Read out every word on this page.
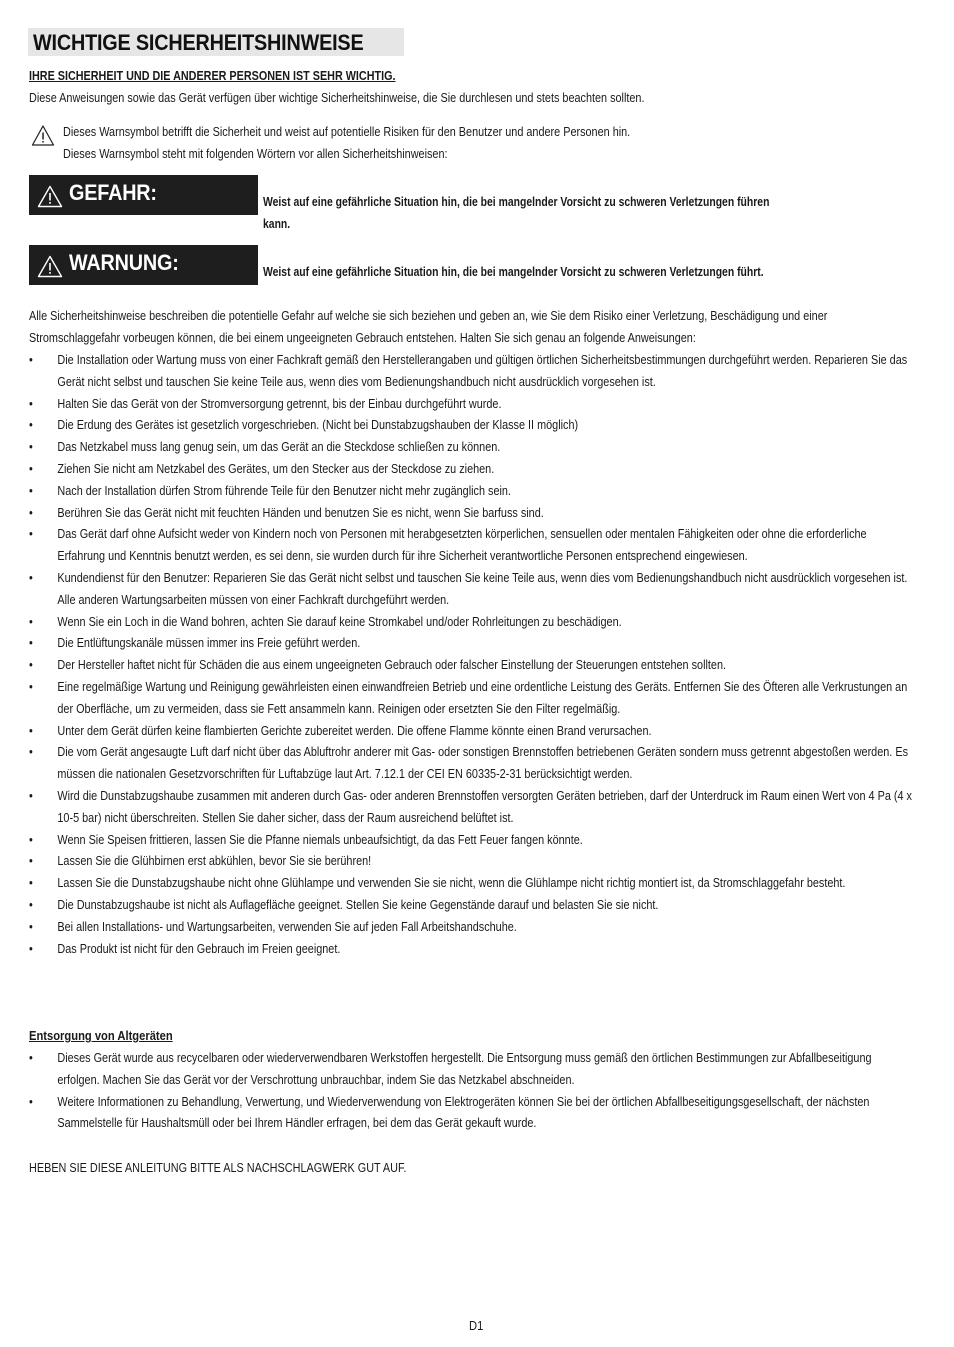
WICHTIGE SICHERHEITSHINWEISE
IHRE SICHERHEIT UND DIE ANDERER PERSONEN IST SEHR WICHTIG.
Diese Anweisungen sowie das Gerät verfügen über wichtige Sicherheitshinweise, die Sie durchlesen und stets beachten sollten.
Dieses Warnsymbol betrifft die Sicherheit und weist auf potentielle Risiken für den Benutzer und andere Personen hin.
Dieses Warnsymbol steht mit folgenden Wörtern vor allen Sicherheitshinweisen:
GEFAHR:	Weist auf eine gefährliche Situation hin, die bei mangelnder Vorsicht zu schweren Verletzungen führen
kann.
WARNUNG:	Weist auf eine gefährliche Situation hin, die bei mangelnder Vorsicht zu schweren Verletzungen führt.
Alle Sicherheitshinweise beschreiben die potentielle Gefahr auf welche sie sich beziehen und geben an, wie Sie dem Risiko einer Verletzung, Beschädigung und einer Stromschlaggefahr vorbeugen können, die bei einem ungeeigneten Gebrauch entstehen. Halten Sie sich genau an folgende Anweisungen:
• Die Installation oder Wartung muss von einer Fachkraft gemäß den Herstellerangaben und gültigen örtlichen Sicherheitsbestimmungen durchgeführt werden. Reparieren Sie das Gerät nicht selbst und tauschen Sie keine Teile aus, wenn dies vom Bedienungshandbuch nicht ausdrücklich vorgesehen ist.
• Halten Sie das Gerät von der Stromversorgung getrennt, bis der Einbau durchgeführt wurde.
• Die Erdung des Gerätes ist gesetzlich vorgeschrieben. (Nicht bei Dunstabzugshauben der Klasse II möglich)
• Das Netzkabel muss lang genug sein, um das Gerät an die Steckdose schließen zu können.
• Ziehen Sie nicht am Netzkabel des Gerätes, um den Stecker aus der Steckdose zu ziehen.
• Nach der Installation dürfen Strom führende Teile für den Benutzer nicht mehr zugänglich sein.
• Berühren Sie das Gerät nicht mit feuchten Händen und benutzen Sie es nicht, wenn Sie barfuss sind.
• Das Gerät darf ohne Aufsicht weder von Kindern noch von Personen mit herabgesetzten körperlichen, sensuellen oder mentalen Fähigkeiten oder ohne die erforderliche Erfahrung und Kenntnis benutzt werden, es sei denn, sie wurden durch für ihre Sicherheit verantwortliche Personen entsprechend eingewiesen.
• Kundendienst für den Benutzer: Reparieren Sie das Gerät nicht selbst und tauschen Sie keine Teile aus, wenn dies vom Bedienungshandbuch nicht ausdrücklich vorgesehen ist. Alle anderen Wartungsarbeiten müssen von einer Fachkraft durchgeführt werden.
• Wenn Sie ein Loch in die Wand bohren, achten Sie darauf keine Stromkabel und/oder Rohrleitungen zu beschädigen.
• Die Entlüftungskanäle müssen immer ins Freie geführt werden.
• Der Hersteller haftet nicht für Schäden die aus einem ungeeigneten Gebrauch oder falscher Einstellung der Steuerungen entstehen sollten.
• Eine regelmäßige Wartung und Reinigung gewährleisten einen einwandfreien Betrieb und eine ordentliche Leistung des Geräts. Entfernen Sie des Öfteren alle Verkrustungen an der Oberfläche, um zu vermeiden, dass sie Fett ansammeln kann. Reinigen oder ersetzten Sie den Filter regelmäßig.
• Unter dem Gerät dürfen keine flambierten Gerichte zubereitet werden. Die offene Flamme könnte einen Brand verursachen.
• Die vom Gerät angesaugte Luft darf nicht über das Abluftrohr anderer mit Gas- oder sonstigen Brennstoffen betriebenen Geräten sondern muss getrennt abgestoßen werden. Es müssen die nationalen Gesetzvorschriften für Luftabzüge laut Art. 7.12.1 der CEI EN 60335-2-31 berücksichtigt werden.
• Wird die Dunstabzugshaube zusammen mit anderen durch Gas- oder anderen Brennstoffen versorgten Geräten betrieben, darf der Unterdruck im Raum einen Wert von 4 Pa (4 x 10-5 bar) nicht überschreiten. Stellen Sie daher sicher, dass der Raum ausreichend belüftet ist.
• Wenn Sie Speisen frittieren, lassen Sie die Pfanne niemals unbeaufsichtigt, da das Fett Feuer fangen könnte.
• Lassen Sie die Glühbirnen erst abkühlen, bevor Sie sie berühren!
• Lassen Sie die Dunstabzugshaube nicht ohne Glühlampe und verwenden Sie sie nicht, wenn die Glühlampe nicht richtig montiert ist, da Stromschlaggefahr besteht.
• Die Dunstabzugshaube ist nicht als Auflagefläche geeignet. Stellen Sie keine Gegenstände darauf und belasten Sie sie nicht.
• Bei allen Installations- und Wartungsarbeiten, verwenden Sie auf jeden Fall Arbeitshandschuhe.
• Das Produkt ist nicht für den Gebrauch im Freien geeignet.
Entsorgung von Altgeräten
• Dieses Gerät wurde aus recycelbaren oder wiederverwendbaren Werkstoffen hergestellt. Die Entsorgung muss gemäß den örtlichen Bestimmungen zur Abfallbeseitigung erfolgen. Machen Sie das Gerät vor der Verschrottung unbrauchbar, indem Sie das Netzkabel abschneiden.
• Weitere Informationen zu Behandlung, Verwertung, und Wiederverwendung von Elektrogeräten können Sie bei der örtlichen Abfallbeseitigungsgesellschaft, der nächsten Sammelstelle für Haushaltsmüll oder bei Ihrem Händler erfragen, bei dem das Gerät gekauft wurde.
HEBEN SIE DIESE ANLEITUNG BITTE ALS NACHSCHLAGWERK GUT AUF.
D1
